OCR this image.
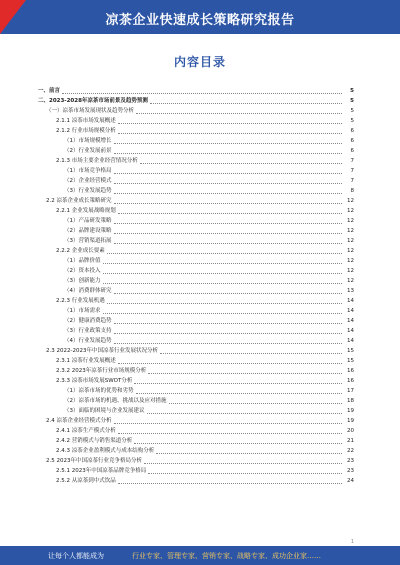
凉茶企业快速成长策略研究报告
内容目录
一、前言	5
二、2023-2028年凉茶市场前景及趋势预测	5
（一）凉茶市场发展现状及趋势分析	5
2.1.1 凉茶市场发展概述	5
2.1.2 行业市场规模分析	6
（1）市场规模增长	6
（2）行业发展前景	6
2.1.3 市场主要企业经营情况分析	7
（1）市场竞争格局	7
（2）企业经营模式	7
（3）行业发展趋势	8
2.2 凉茶企业成长策略研究	12
2.2.1 企业发展战略规划	12
（1）产品研发策略	12
（2）品牌建设策略	12
（3）营销渠道拓展	12
2.2.2 企业成长要素	12
（1）品牌价值	12
（2）资本投入	12
（3）创新能力	12
（4）消费群体研究	13
2.2.3 行业发展机遇	14
（1）市场需求	14
（2）健康消费趋势	14
（3）行业政策支持	14
（4）行业发展趋势	14
2.3 2022-2023年中国凉茶行业发展状况分析	15
2.3.1 凉茶行业发展概述	15
2.3.2 2023年凉茶行业市场规模分析	16
2.3.3 凉茶市场发展SWOT分析	16
（1）凉茶市场的优势和劣势	17
（2）凉茶市场的机遇、挑战以及应对措施	18
（3）面临的困境与企业发展建议	19
2.4 凉茶企业经营模式分析	19
2.4.1 凉茶生产模式分析	20
2.4.2 营销模式与销售渠道分析	21
2.4.3 凉茶企业盈利模式与成本结构分析	22
2.5 2023年中国凉茶行业竞争格局分析	23
2.5.1 2023年中国凉茶品牌竞争格局	23
2.5.2 从凉茶到中式饮品	24
1
让每个人都能成为	行业专家、管理专家、营销专家、战略专家、成功企业家……
